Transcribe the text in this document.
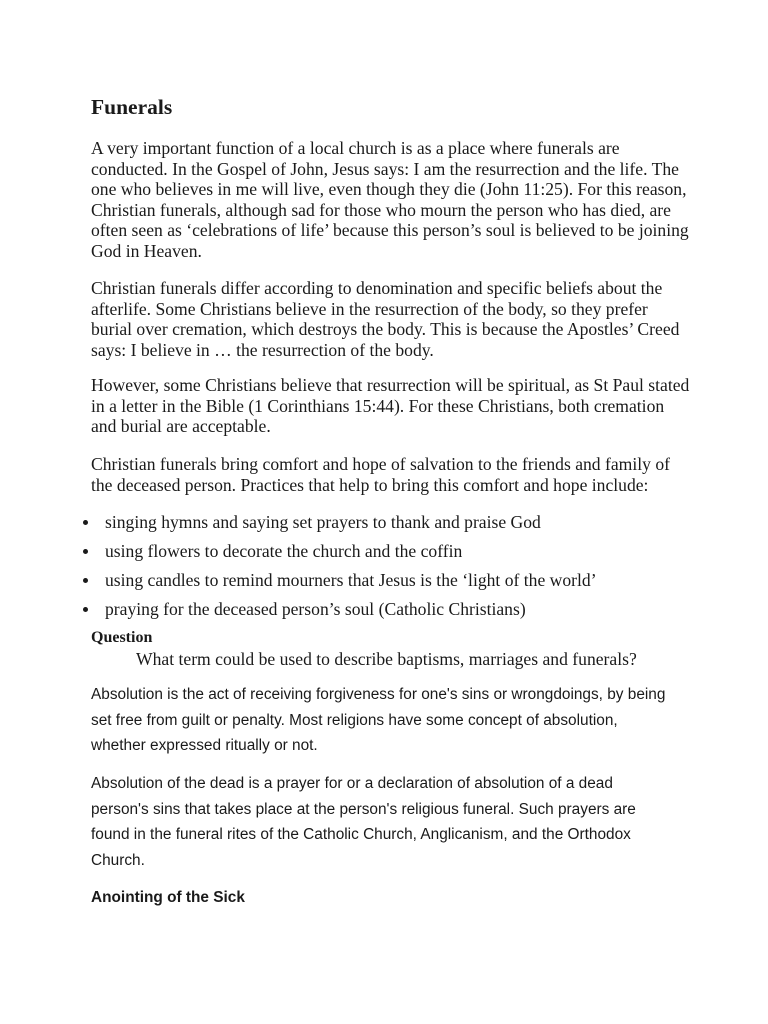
Funerals

A very important function of a local church is as a place where funerals are conducted. In the Gospel of John, Jesus says: I am the resurrection and the life. The one who believes in me will live, even though they die (John 11:25). For this reason, Christian funerals, although sad for those who mourn the person who has died, are often seen as ‘celebrations of life’ because this person’s soul is believed to be joining God in Heaven.

Christian funerals differ according to denomination and specific beliefs about the afterlife. Some Christians believe in the resurrection of the body, so they prefer burial over cremation, which destroys the body. This is because the Apostles’ Creed says: I believe in … the resurrection of the body.

However, some Christians believe that resurrection will be spiritual, as St Paul stated in a letter in the Bible (1 Corinthians 15:44). For these Christians, both cremation and burial are acceptable.

Christian funerals bring comfort and hope of salvation to the friends and family of the deceased person. Practices that help to bring this comfort and hope include:

singing hymns and saying set prayers to thank and praise God
using flowers to decorate the church and the coffin
using candles to remind mourners that Jesus is the ‘light of the world’
praying for the deceased person’s soul (Catholic Christians)
Question

What term could be used to describe baptisms, marriages and funerals?

Absolution is the act of receiving forgiveness for one's sins or wrongdoings, by being set free from guilt or penalty. Most religions have some concept of absolution, whether expressed ritually or not.

Absolution of the dead is a prayer for or a declaration of absolution of a dead person's sins that takes place at the person's religious funeral. Such prayers are found in the funeral rites of the Catholic Church, Anglicanism, and the Orthodox Church.

Anointing of the Sick
